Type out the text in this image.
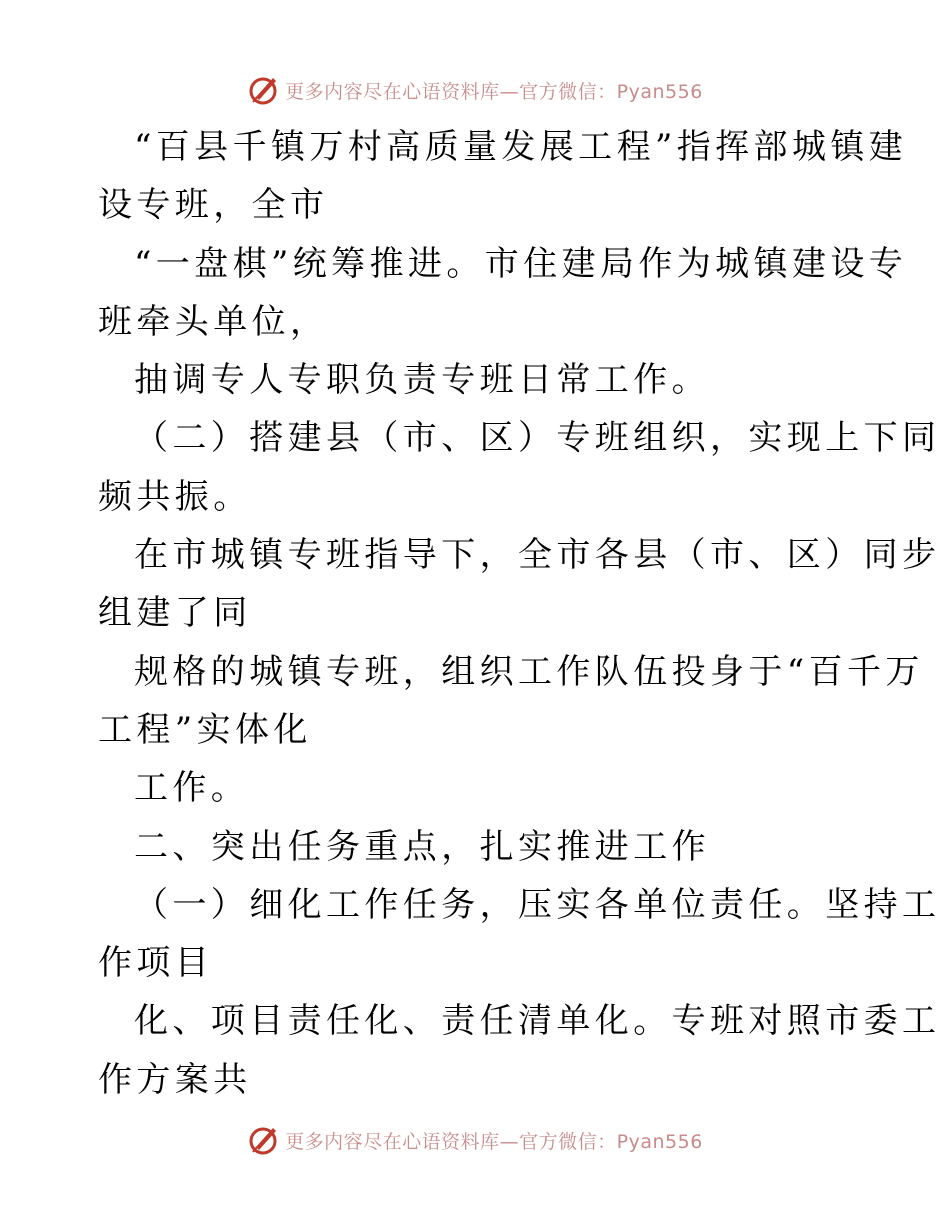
更多内容尽在心语资料库—官方微信：Pyan556
“百县千镇万村高质量发展工程”指挥部城镇建
设专班，全市
“一盘棋”统筹推进。市住建局作为城镇建设专
班牵头单位，
抽调专人专职负责专班日常工作。
（二）搭建县（市、区）专班组织，实现上下同
频共振。
在市城镇专班指导下，全市各县（市、区）同步
组建了同
规格的城镇专班，组织工作队伍投身于“百千万
工程”实体化
工作。
二、突出任务重点，扎实推进工作
（一）细化工作任务，压实各单位责任。坚持工
作项目
化、项目责任化、责任清单化。专班对照市委工
作方案共
更多内容尽在心语资料库—官方微信：Pyan556
